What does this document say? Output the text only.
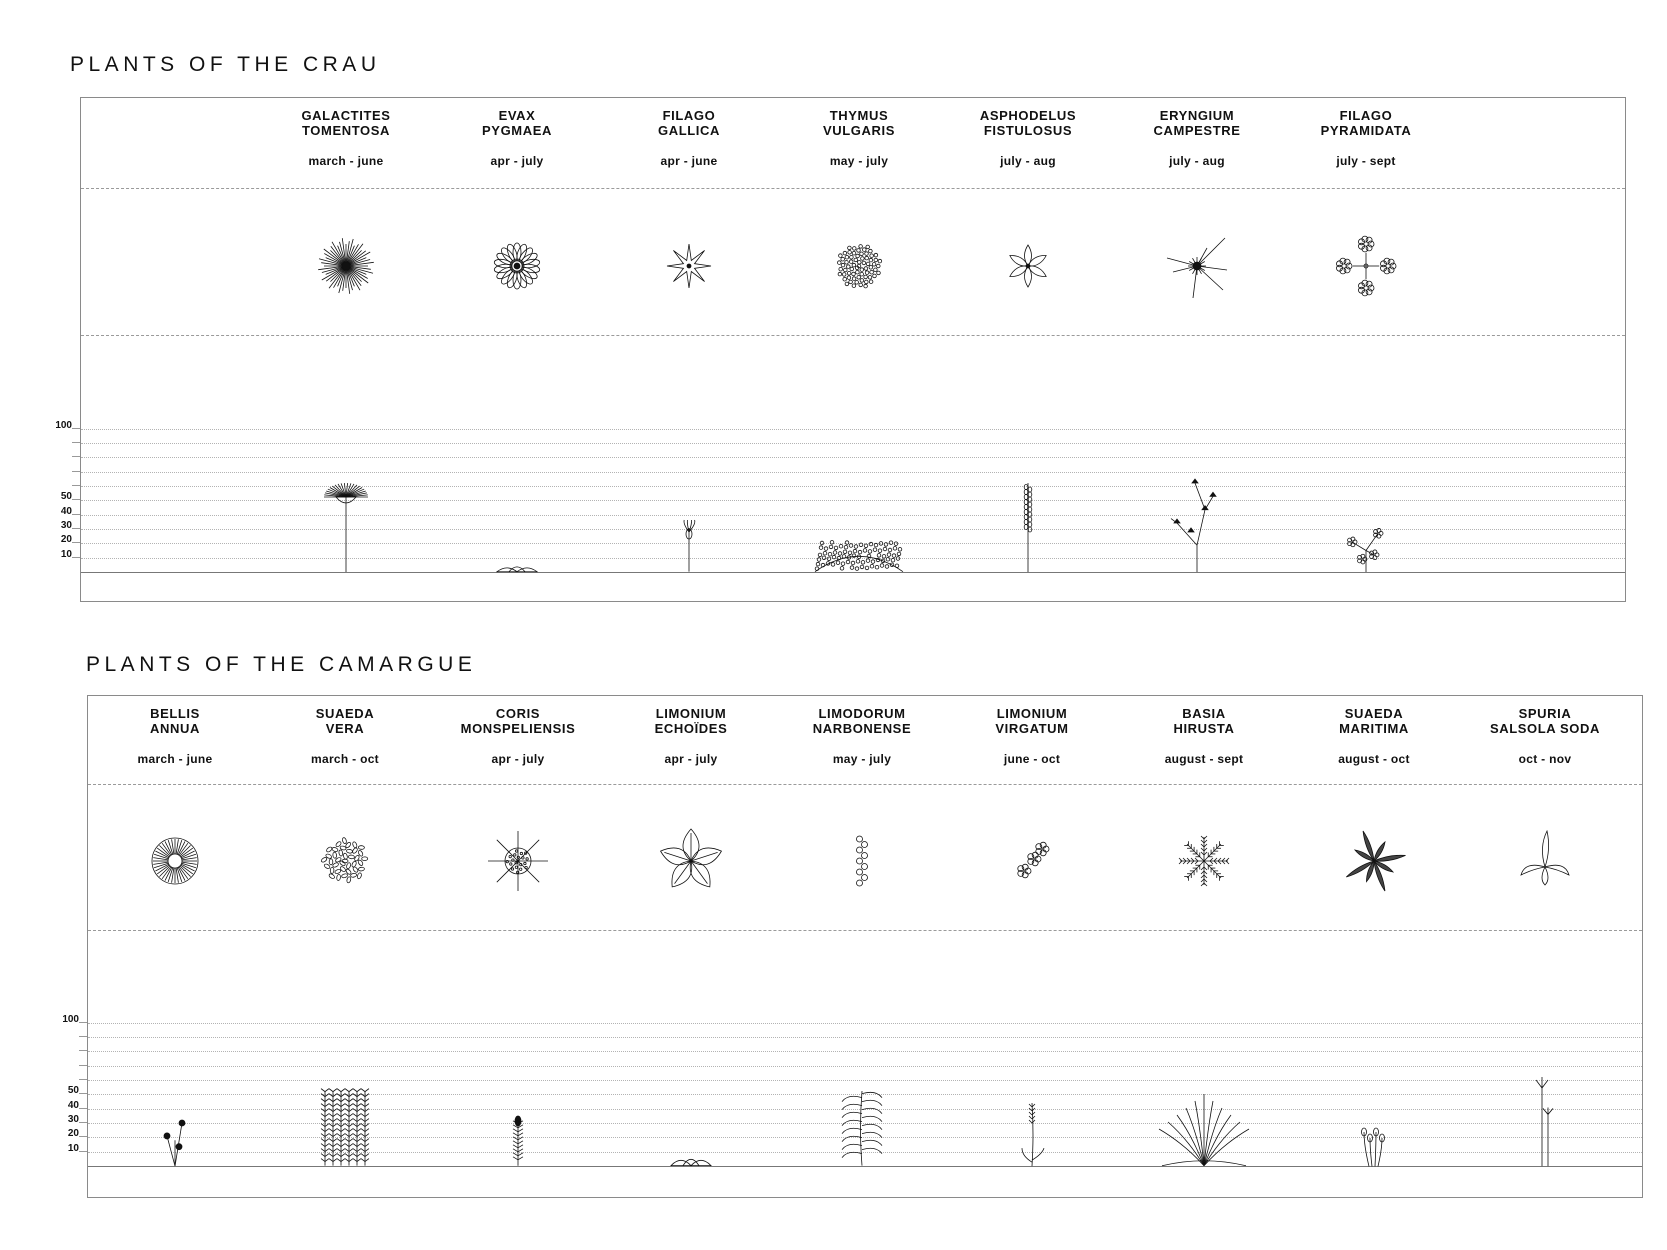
PLANTS OF THE CRAU
GALACTITES
TOMENTOSA
march - june
EVAX
PYGMAEA
apr - july
FILAGO
GALLICA
apr - june
THYMUS
VULGARIS
may - july
ASPHODELUS
FISTULOSUS
july - aug
ERYNGIUM
CAMPESTRE
july - aug
FILAGO
PYRAMIDATA
july - sept
100
50
40
30
20
10
PLANTS OF THE CAMARGUE
BELLIS
ANNUA
march - june
SUAEDA
VERA
march - oct
CORIS
MONSPELIENSIS
apr - july
LIMONIUM
ECHOÏDES
apr - july
LIMODORUM
NARBONENSE
may - july
LIMONIUM
VIRGATUM
june - oct
BASIA
HIRUSTA
august - sept
SUAEDA
MARITIMA
august - oct
SPURIA
SALSOLA SODA
oct - nov
100
50
40
30
20
10
